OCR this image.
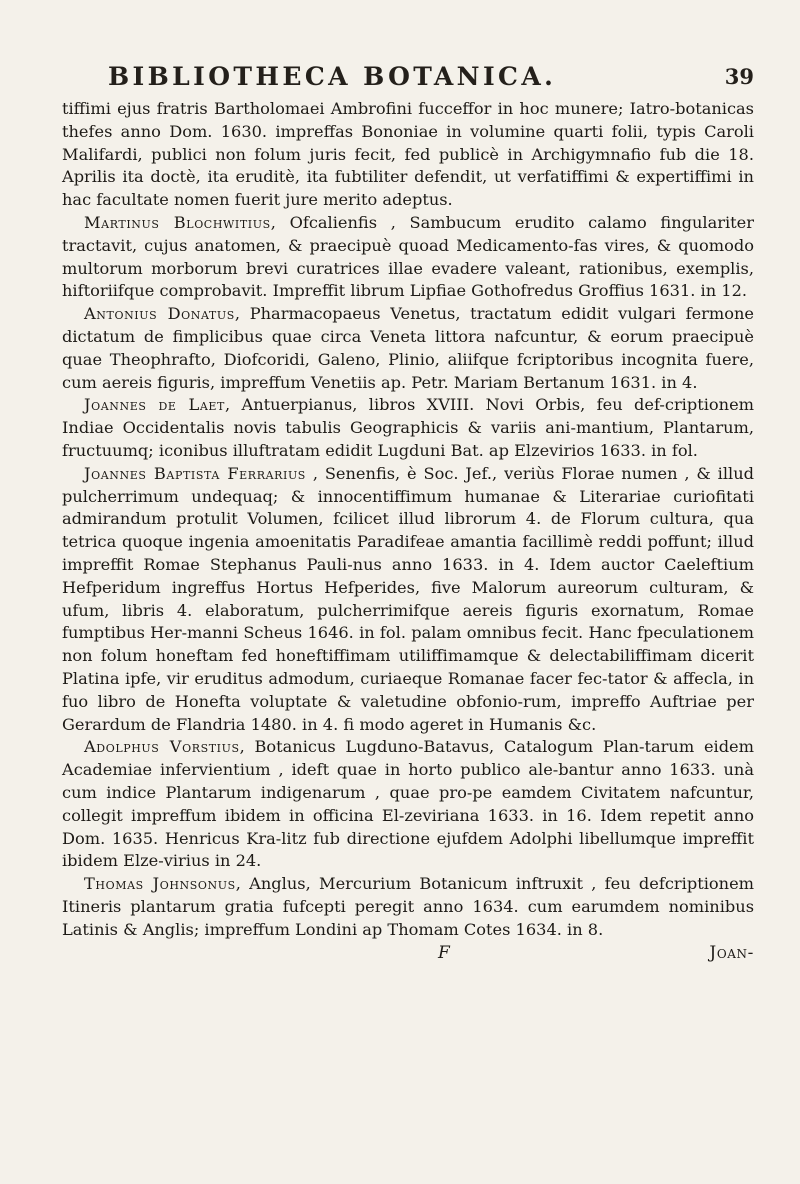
BIBLIOTHECA BOTANICA.	39

tiffimi ejus fratris Bartholomaei Ambrofini fucceffor in hoc munere; Iatro-botanicas thefes anno Dom. 1630. impreffas Bononiae in volumine quarti folii, typis Caroli Malifardi, publici non folum juris fecit, fed publicè in Archigymnafio fub die 18. Aprilis ita doctè, ita eruditè, ita fubtiliter defendit, ut verfatiffimi & expertiffimi in hac facultate nomen fuerit jure merito adeptus.

Martinus Blochwitius, Ofcalienfis , Sambucum erudito calamo fingulariter tractavit, cujus anatomen, & praecipuè quoad Medicamento-fas vires, & quomodo multorum morborum brevi curatrices illae evadere valeant, rationibus, exemplis, hiftoriifque comprobavit. Impreffit librum Lipfiae Gothofredus Groffius 1631. in 12.

Antonius Donatus, Pharmacopaeus Venetus, tractatum edidit vulgari fermone dictatum de fimplicibus quae circa Veneta littora nafcuntur, & eorum praecipuè quae Theophrafto, Diofcoridi, Galeno, Plinio, aliifque fcriptoribus incognita fuere, cum aereis figuris, impreffum Venetiis ap. Petr. Mariam Bertanum 1631. in 4.

Joannes de Laet, Antuerpianus, libros XVIII. Novi Orbis, feu def-criptionem Indiae Occidentalis novis tabulis Geographicis & variis ani-mantium, Plantarum, fructuumq; iconibus illuftratam edidit Lugduni Bat. ap Elzevirios 1633. in fol.

Joannes Baptista Ferrarius , Senenfis, è Soc. Jef., veriùs Florae numen , & illud pulcherrimum undequaq; & innocentiffimum humanae & Literariae curiofitati admirandum protulit Volumen, fcilicet illud librorum 4. de Florum cultura, qua tetrica quoque ingenia amoenitatis Paradifeae amantia facillimè reddi poffunt; illud impreffit Romae Stephanus Pauli-nus anno 1633. in 4. Idem auctor Caeleftium Hefperidum ingreffus Hortus Hefperides, five Malorum aureorum culturam, & ufum, libris 4. elaboratum, pulcherrimifque aereis figuris exornatum, Romae fumptibus Her-manni Scheus 1646. in fol. palam omnibus fecit. Hanc fpeculationem non folum honeftam fed honeftiffimam utiliffimamque & delectabiliffimam dicerit Platina ipfe, vir eruditus admodum, curiaeque Romanae facer fec-tator & affecla, in fuo libro de Honefta voluptate & valetudine obfonio-rum, impreffo Auftriae per Gerardum de Flandria 1480. in 4. fi modo ageret in Humanis &c.

Adolphus Vorstius, Botanicus Lugduno-Batavus, Catalogum Plan-tarum eidem Academiae infervientium , ideft quae in horto publico ale-bantur anno 1633. unà cum indice Plantarum indigenarum , quae pro-pe eamdem Civitatem nafcuntur, collegit impreffum ibidem in officina El-zeviriana 1633. in 16. Idem repetit anno Dom. 1635. Henricus Kra-litz fub directione ejufdem Adolphi libellumque impreffit ibidem Elze-virius in 24.

Thomas Johnsonus, Anglus, Mercurium Botanicum inftruxit , feu defcriptionem Itineris plantarum gratia fufcepti peregit anno 1634. cum earumdem nominibus Latinis & Anglis; impreffum Londini ap Thomam Cotes 1634. in 8.

F	Joan-
